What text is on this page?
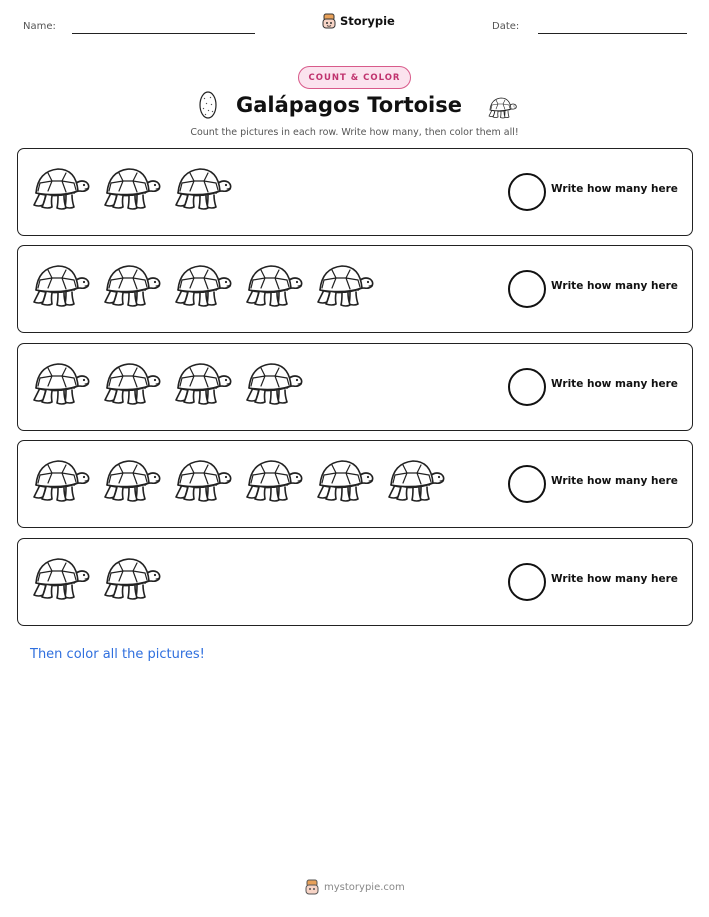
Name:	Storypie	Date:
COUNT & COLOR
Galápagos Tortoise
Count the pictures in each row. Write how many, then color them all!
Write how many here
Write how many here
Write how many here
Write how many here
Write how many here
Then color all the pictures!
mystorypie.com
